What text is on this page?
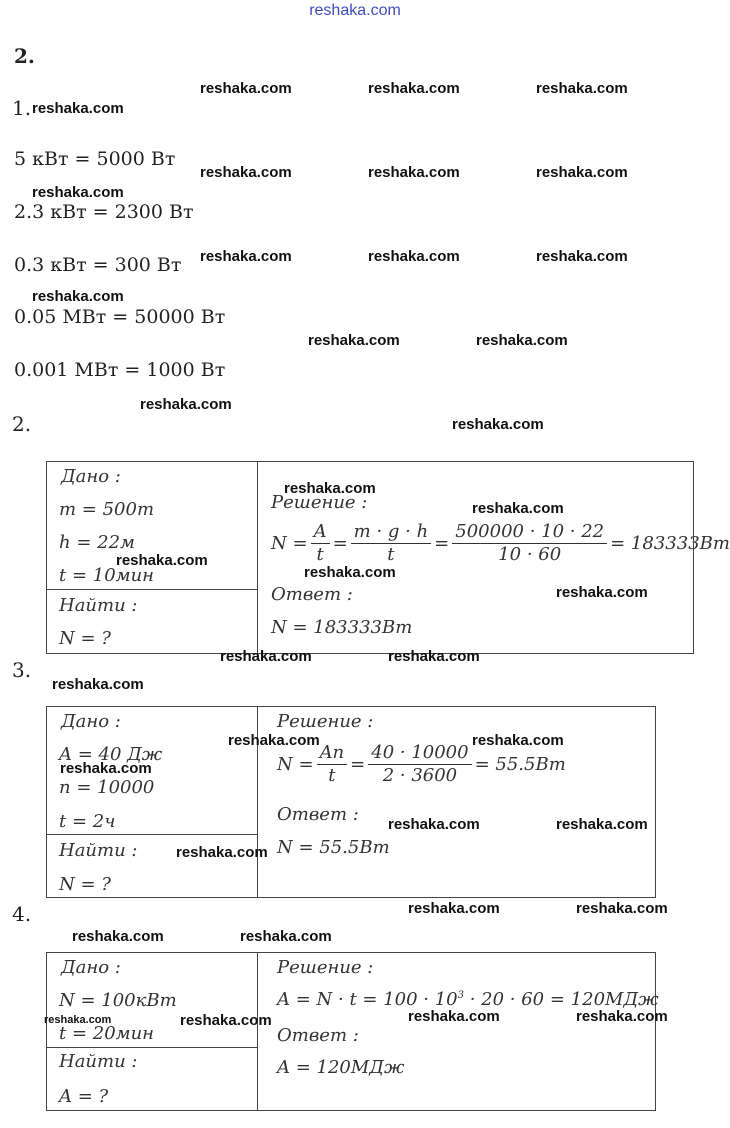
reshaka.com
2.
1.
5 кВт = 5000 Вт
2.3 кВт = 2300 Вт
0.3 кВт = 300 Вт
0.05 МВт = 50000 Вт
0.001 МВт = 1000 Вт
2.
Дано :
m = 500т
h = 22м
t = 10мин
Найти :
N = ?
Решение :
$N = \frac{A}{t} = \frac{m \cdot g \cdot h}{t} = \frac{500000 \cdot 10 \cdot 22}{10 \cdot 60} = 183333Вт$
Ответ :
N = 183333Вт
3.
Дано :
A = 40 Дж
n = 10000
t = 2ч
Найти :
N = ?
Решение :
$N = \frac{An}{t} = \frac{40 \cdot 10000}{2 \cdot 3600} = 55.5Вт$
Ответ :
N = 55.5Вт
4.
Дано :
N = 100кВт
t = 20мин
Найти :
A = ?
Решение :
$A = N \cdot t = 100 \cdot 10^3 \cdot 20 \cdot 60 = 120МДж$
Ответ :
A = 120МДж
reshaka.com	reshaka.com	reshaka.com
reshaka.com
reshaka.com	reshaka.com	reshaka.com
reshaka.com
reshaka.com	reshaka.com	reshaka.com
reshaka.com
reshaka.com	reshaka.com
reshaka.com
reshaka.com
reshaka.com
reshaka.com
reshaka.com
reshaka.com
reshaka.com
reshaka.com	reshaka.com
reshaka.com
reshaka.com	reshaka.com
reshaka.com
reshaka.com	reshaka.com
reshaka.com
reshaka.com	reshaka.com
reshaka.com	reshaka.com
reshaka.com	reshaka.com	reshaka.com	reshaka.com
